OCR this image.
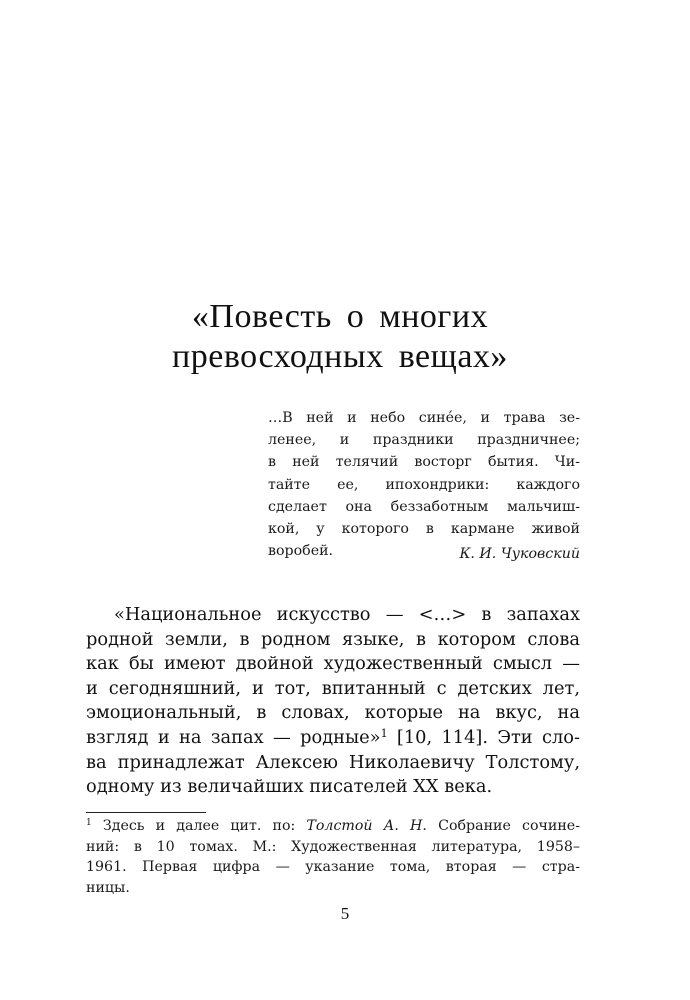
«Повесть о многих
превосходных вещах»
…В ней и небо синéе, и трава зе-
ленее, и праздники праздничнее;
в ней телячий восторг бытия. Чи-
тайте ее, ипохондрики: каждого
сделает она беззаботным мальчиш-
кой, у которого в кармане живой
воробей.	К. И. Чуковский
«Национальное искусство — <…> в запахах
родной земли, в родном языке, в котором слова
как бы имеют двойной художественный смысл —
и сегодняшний, и тот, впитанный с детских лет,
эмоциональный, в словах, которые на вкус, на
взгляд и на запах — родные»$^1$ [10, 114]. Эти сло-
ва принадлежат Алексею Николаевичу Толстому,
одному из величайших писателей XX века.
$^1$ Здесь и далее цит. по: Толстой А. Н. Собрание сочине-
ний: в 10 томах. М.: Художественная литература, 1958–
1961. Первая цифра — указание тома, вторая — стра-
ницы.
5
